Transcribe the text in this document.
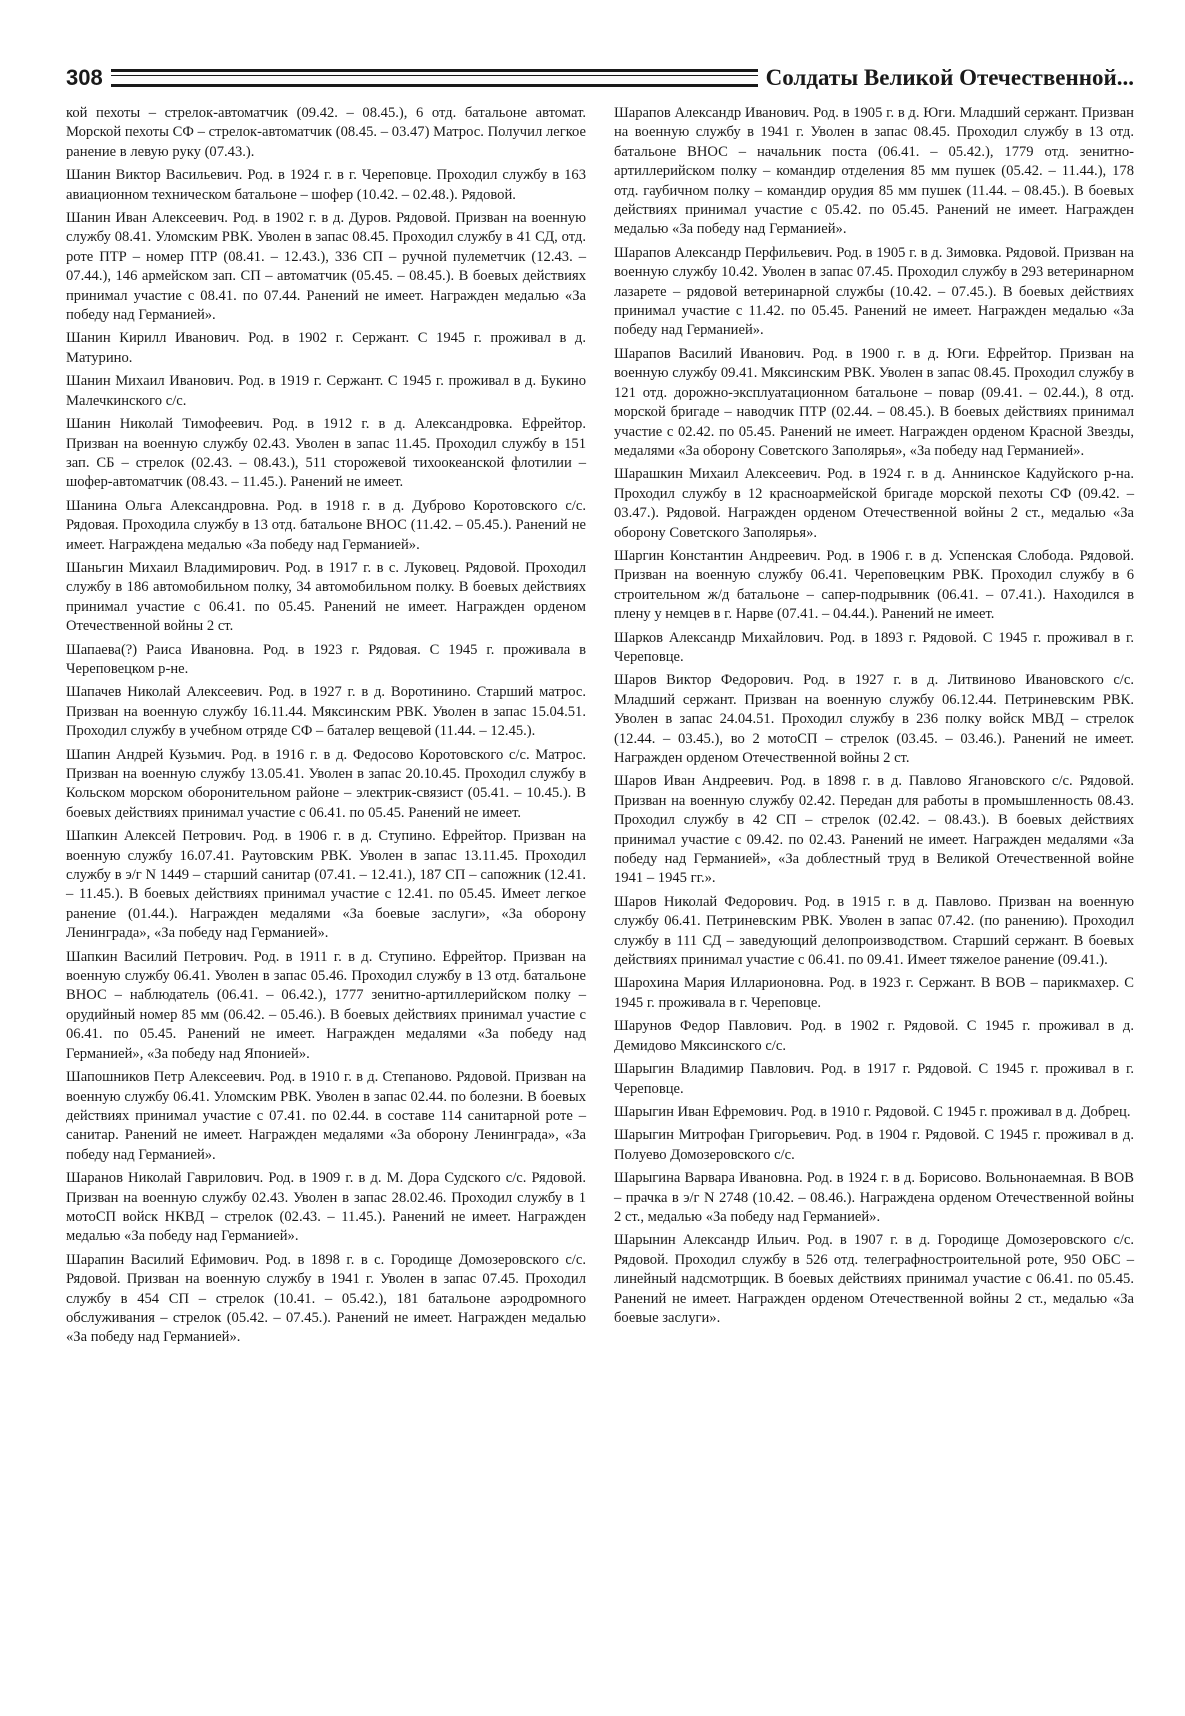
308	Солдаты Великой Отечественной...

кой пехоты – стрелок-автоматчик (09.42. – 08.45.), 6 отд. батальоне автомат. Морской пехоты СФ – стрелок-автоматчик (08.45. – 03.47) Матрос. Получил легкое ранение в левую руку (07.43.).

Шанин Виктор Васильевич. Род. в 1924 г. в г. Череповце. Проходил службу в 163 авиационном техническом батальоне – шофер (10.42. – 02.48.). Рядовой.

Шанин Иван Алексеевич. Род. в 1902 г. в д. Дуров. Рядовой. Призван на военную службу 08.41. Уломским РВК. Уволен в запас 08.45. Проходил службу в 41 СД, отд. роте ПТР – номер ПТР (08.41. – 12.43.), 336 СП – ручной пулеметчик (12.43. – 07.44.), 146 армейском зап. СП – автоматчик (05.45. – 08.45.). В боевых действиях принимал участие с 08.41. по 07.44. Ранений не имеет. Награжден медалью «За победу над Германией».

Шанин Кирилл Иванович. Род. в 1902 г. Сержант. С 1945 г. проживал в д. Матурино.

Шанин Михаил Иванович. Род. в 1919 г. Сержант. С 1945 г. проживал в д. Букино Малечкинского с/с.

Шанин Николай Тимофеевич. Род. в 1912 г. в д. Александровка. Ефрейтор. Призван на военную службу 02.43. Уволен в запас 11.45. Проходил службу в 151 зап. СБ – стрелок (02.43. – 08.43.), 511 сторожевой тихоокеанской флотилии – шофер-автоматчик (08.43. – 11.45.). Ранений не имеет.

Шанина Ольга Александровна. Род. в 1918 г. в д. Дуброво Коротовского с/с. Рядовая. Проходила службу в 13 отд. батальоне ВНОС (11.42. – 05.45.). Ранений не имеет. Награждена медалью «За победу над Германией».

Шаньгин Михаил Владимирович. Род. в 1917 г. в с. Луковец. Рядовой. Проходил службу в 186 автомобильном полку, 34 автомобильном полку. В боевых действиях принимал участие с 06.41. по 05.45. Ранений не имеет. Награжден орденом Отечественной войны 2 ст.

Шапаева(?) Раиса Ивановна. Род. в 1923 г. Рядовая. С 1945 г. проживала в Череповецком р-не.

Шапачев Николай Алексеевич. Род. в 1927 г. в д. Воротинино. Старший матрос. Призван на военную службу 16.11.44. Мяксинским РВК. Уволен в запас 15.04.51. Проходил службу в учебном отряде СФ – баталер вещевой (11.44. – 12.45.).

Шапин Андрей Кузьмич. Род. в 1916 г. в д. Федосово Коротовского с/с. Матрос. Призван на военную службу 13.05.41. Уволен в запас 20.10.45. Проходил службу в Кольском морском оборонительном районе – электрик-связист (05.41. – 10.45.). В боевых действиях принимал участие с 06.41. по 05.45. Ранений не имеет.

Шапкин Алексей Петрович. Род. в 1906 г. в д. Ступино. Ефрейтор. Призван на военную службу 16.07.41. Раутовским РВК. Уволен в запас 13.11.45. Проходил службу в э/г N 1449 – старший санитар (07.41. – 12.41.), 187 СП – сапожник (12.41. – 11.45.). В боевых действиях принимал участие с 12.41. по 05.45. Имеет легкое ранение (01.44.). Награжден медалями «За боевые заслуги», «За оборону Ленинграда», «За победу над Германией».

Шапкин Василий Петрович. Род. в 1911 г. в д. Ступино. Ефрейтор. Призван на военную службу 06.41. Уволен в запас 05.46. Проходил службу в 13 отд. батальоне ВНОС – наблюдатель (06.41. – 06.42.), 1777 зенитно-артиллерийском полку – орудийный номер 85 мм (06.42. – 05.46.). В боевых действиях принимал участие с 06.41. по 05.45. Ранений не имеет. Награжден медалями «За победу над Германией», «За победу над Японией».

Шапошников Петр Алексеевич. Род. в 1910 г. в д. Степаново. Рядовой. Призван на военную службу 06.41. Уломским РВК. Уволен в запас 02.44. по болезни. В боевых действиях принимал участие с 07.41. по 02.44. в составе 114 санитарной роте – санитар. Ранений не имеет. Награжден медалями «За оборону Ленинграда», «За победу над Германией».

Шаранов Николай Гаврилович. Род. в 1909 г. в д. М. Дора Судского с/с. Рядовой. Призван на военную службу 02.43. Уволен в запас 28.02.46. Проходил службу в 1 мотоСП войск НКВД – стрелок (02.43. – 11.45.). Ранений не имеет. Награжден медалью «За победу над Германией».

Шарапин Василий Ефимович. Род. в 1898 г. в с. Городище Домозеровского с/с. Рядовой. Призван на военную службу в 1941 г. Уволен в запас 07.45. Проходил службу в 454 СП – стрелок (10.41. – 05.42.), 181 батальоне аэродромного обслуживания – стрелок (05.42. – 07.45.). Ранений не имеет. Награжден медалью «За победу над Германией».

Шарапов Александр Иванович. Род. в 1905 г. в д. Юги. Младший сержант. Призван на военную службу в 1941 г. Уволен в запас 08.45. Проходил службу в 13 отд. батальоне ВНОС – начальник поста (06.41. – 05.42.), 1779 отд. зенитно-артиллерийском полку – командир отделения 85 мм пушек (05.42. – 11.44.), 178 отд. гаубичном полку – командир орудия 85 мм пушек (11.44. – 08.45.). В боевых действиях принимал участие с 05.42. по 05.45. Ранений не имеет. Награжден медалью «За победу над Германией».

Шарапов Александр Перфильевич. Род. в 1905 г. в д. Зимовка. Рядовой. Призван на военную службу 10.42. Уволен в запас 07.45. Проходил службу в 293 ветеринарном лазарете – рядовой ветеринарной службы (10.42. – 07.45.). В боевых действиях принимал участие с 11.42. по 05.45. Ранений не имеет. Награжден медалью «За победу над Германией».

Шарапов Василий Иванович. Род. в 1900 г. в д. Юги. Ефрейтор. Призван на военную службу 09.41. Мяксинским РВК. Уволен в запас 08.45. Проходил службу в 121 отд. дорожно-эксплуатационном батальоне – повар (09.41. – 02.44.), 8 отд. морской бригаде – наводчик ПТР (02.44. – 08.45.). В боевых действиях принимал участие с 02.42. по 05.45. Ранений не имеет. Награжден орденом Красной Звезды, медалями «За оборону Советского Заполярья», «За победу над Германией».

Шарашкин Михаил Алексеевич. Род. в 1924 г. в д. Аннинское Кадуйского р-на. Проходил службу в 12 красноармейской бригаде морской пехоты СФ (09.42. – 03.47.). Рядовой. Награжден орденом Отечественной войны 2 ст., медалью «За оборону Советского Заполярья».

Шаргин Константин Андреевич. Род. в 1906 г. в д. Успенская Слобода. Рядовой. Призван на военную службу 06.41. Череповецким РВК. Проходил службу в 6 строительном ж/д батальоне – сапер-подрывник (06.41. – 07.41.). Находился в плену у немцев в г. Нарве (07.41. – 04.44.). Ранений не имеет.

Шарков Александр Михайлович. Род. в 1893 г. Рядовой. С 1945 г. проживал в г. Череповце.

Шаров Виктор Федорович. Род. в 1927 г. в д. Литвиново Ивановского с/с. Младший сержант. Призван на военную службу 06.12.44. Петриневским РВК. Уволен в запас 24.04.51. Проходил службу в 236 полку войск МВД – стрелок (12.44. – 03.45.), во 2 мотоСП – стрелок (03.45. – 03.46.). Ранений не имеет. Награжден орденом Отечественной войны 2 ст.

Шаров Иван Андреевич. Род. в 1898 г. в д. Павлово Ягановского с/с. Рядовой. Призван на военную службу 02.42. Передан для работы в промышленность 08.43. Проходил службу в 42 СП – стрелок (02.42. – 08.43.). В боевых действиях принимал участие с 09.42. по 02.43. Ранений не имеет. Награжден медалями «За победу над Германией», «За доблестный труд в Великой Отечественной войне 1941 – 1945 гг.».

Шаров Николай Федорович. Род. в 1915 г. в д. Павлово. Призван на военную службу 06.41. Петриневским РВК. Уволен в запас 07.42. (по ранению). Проходил службу в 111 СД – заведующий делопроизводством. Старший сержант. В боевых действиях принимал участие с 06.41. по 09.41. Имеет тяжелое ранение (09.41.).

Шарохина Мария Илларионовна. Род. в 1923 г. Сержант. В ВОВ – парикмахер. С 1945 г. проживала в г. Череповце.

Шарунов Федор Павлович. Род. в 1902 г. Рядовой. С 1945 г. проживал в д. Демидово Мяксинского с/с.

Шарыгин Владимир Павлович. Род. в 1917 г. Рядовой. С 1945 г. проживал в г. Череповце.

Шарыгин Иван Ефремович. Род. в 1910 г. Рядовой. С 1945 г. проживал в д. Добрец.

Шарыгин Митрофан Григорьевич. Род. в 1904 г. Рядовой. С 1945 г. проживал в д. Полуево Домозеровского с/с.

Шарыгина Варвара Ивановна. Род. в 1924 г. в д. Борисово. Вольнонаемная. В ВОВ – прачка в э/г N 2748 (10.42. – 08.46.). Награждена орденом Отечественной войны 2 ст., медалью «За победу над Германией».

Шарынин Александр Ильич. Род. в 1907 г. в д. Городище Домозеровского с/с. Рядовой. Проходил службу в 526 отд. телеграфностроительной роте, 950 ОБС – линейный надсмотрщик. В боевых действиях принимал участие с 06.41. по 05.45. Ранений не имеет. Награжден орденом Отечественной войны 2 ст., медалью «За боевые заслуги».
